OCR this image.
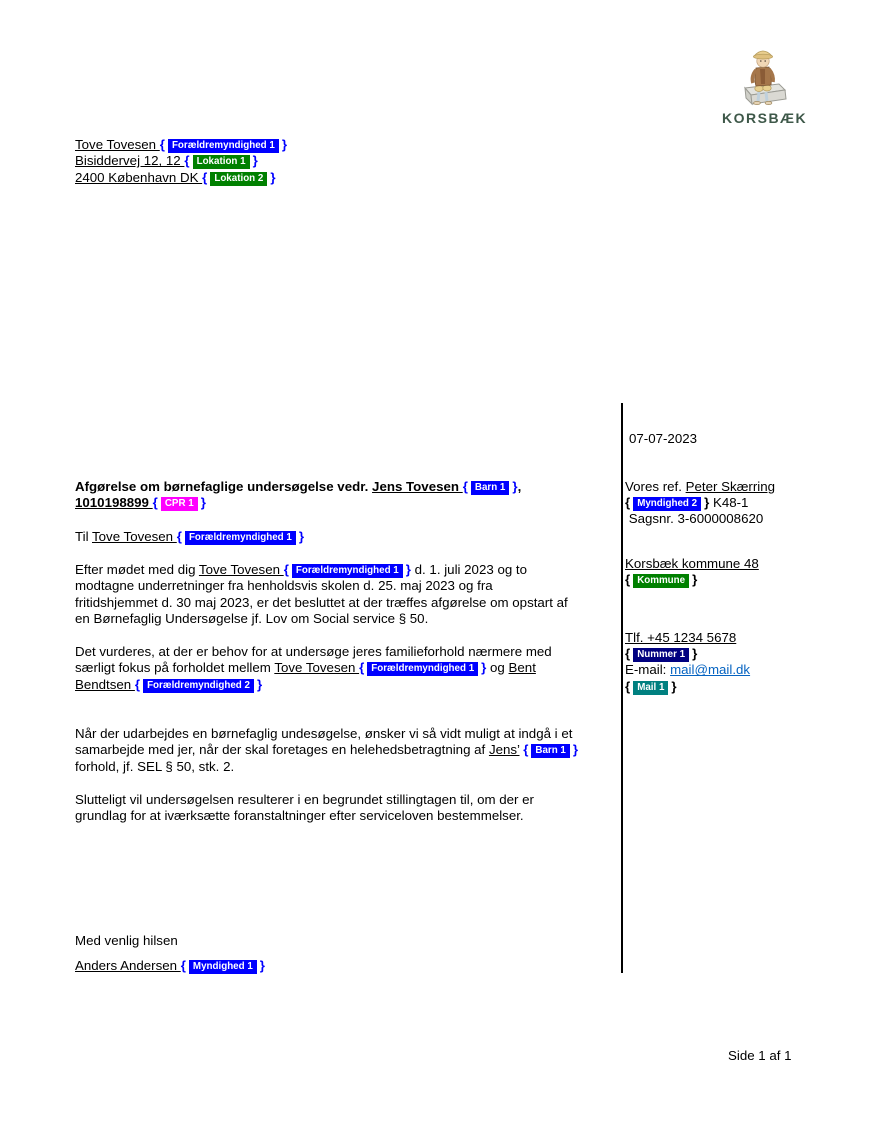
KORSBÆK
Tove Tovesen { Forældremyndighed 1 }
Bisiddervej 12, 12 { Lokation 1 }
2400 København DK { Lokation 2 }
07-07-2023
Vores ref. Peter Skærring
{ Myndighed 2 } K48-1
Sagsnr. 3-6000008620
Korsbæk kommune 48
{ Kommune }
Tlf. +45 1234 5678
{ Nummer 1 }
E-mail: mail@mail.dk
{ Mail 1 }
Afgørelse om børnefaglige undersøgelse vedr. Jens Tovesen { Barn 1 },
1010198899 { CPR 1 }
Til Tove Tovesen { Forældremyndighed 1 }
Efter mødet med dig Tove Tovesen { Forældremyndighed 1 } d. 1. juli 2023 og to
modtagne underretninger fra henholdsvis skolen d. 25. maj 2023 og fra
fritidshjemmet d. 30 maj 2023, er det besluttet at der træffes afgørelse om opstart af
en Børnefaglig Undersøgelse jf. Lov om Social service § 50.
Det vurderes, at der er behov for at undersøge jeres familieforhold nærmere med
særligt fokus på forholdet mellem Tove Tovesen { Forældremyndighed 1 } og Bent
Bendtsen { Forældremyndighed 2 }
Når der udarbejdes en børnefaglig undesøgelse, ønsker vi så vidt muligt at indgå i et
samarbejde med jer, når der skal foretages en helehedsbetragtning af Jens’ { Barn 1 }
forhold, jf. SEL § 50, stk. 2.
Slutteligt vil undersøgelsen resulterer i en begrundet stillingtagen til, om der er
grundlag for at iværksætte foranstaltninger efter serviceloven bestemmelser.
Med venlig hilsen
Anders Andersen { Myndighed 1 }
Side 1 af 1
